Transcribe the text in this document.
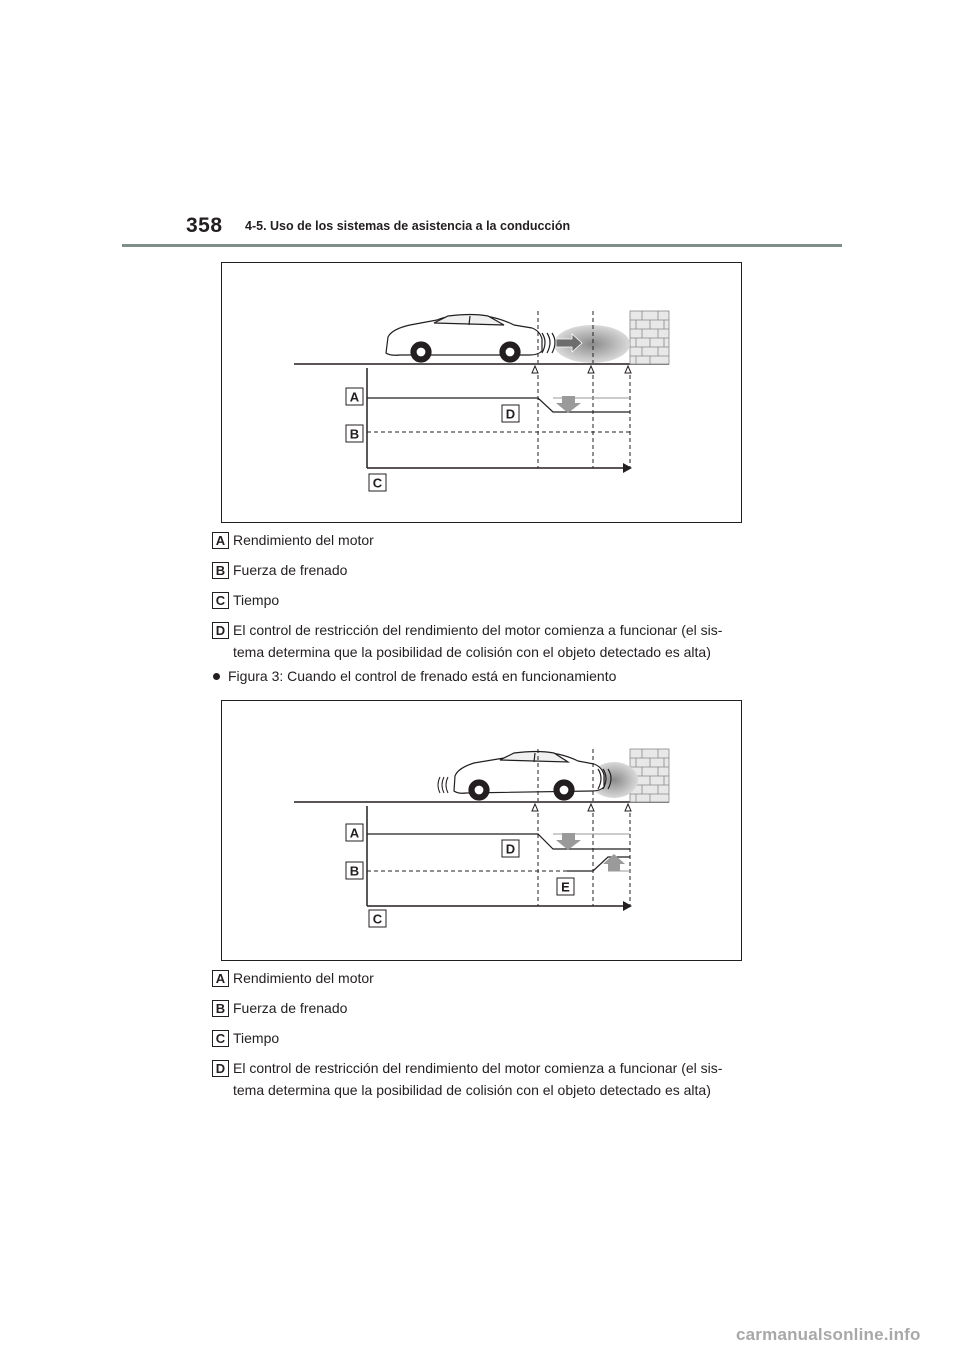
358 4-5. Uso de los sistemas de asistencia a la conducción
A
D
B
C
A Rendimiento del motor
B Fuerza de frenado
C Tiempo
D El control de restricción del rendimiento del motor comienza a funcionar (el sis-
tema determina que la posibilidad de colisión con el objeto detectado es alta)
Figura 3: Cuando el control de frenado está en funcionamiento
A
D
B
E
C
A Rendimiento del motor
B Fuerza de frenado
C Tiempo
D El control de restricción del rendimiento del motor comienza a funcionar (el sis-
tema determina que la posibilidad de colisión con el objeto detectado es alta)
carmanualsonline.info
